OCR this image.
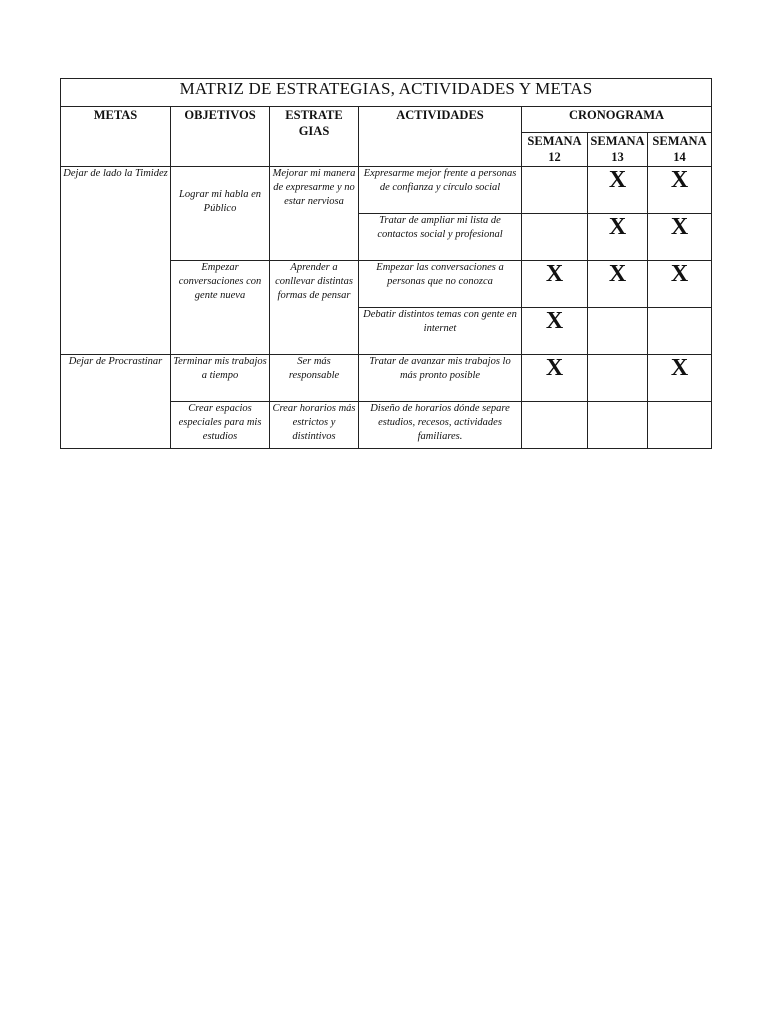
MATRIZ DE ESTRATEGIAS, ACTIVIDADES Y METAS						
METAS	OBJETIVOS	ESTRATEGIAS	ACTIVIDADES	CRONOGRAMA		
				SEMANA 12	SEMANA 13	SEMANA 14
Dejar de lado la Timidez	Lograr mi habla en Público	Mejorar mi manera de expresarme y no estar nerviosa	Expresarme mejor frente a personas de confianza y círculo social		X	X
			Tratar de ampliar mi lista de contactos social y profesional		X	X
	Empezar conversaciones con gente nueva	Aprender a conllevar distintas formas de pensar	Empezar las conversaciones a personas que no conozca	X	X	X
			Debatir distintos temas con gente en internet	X		
Dejar de Procrastinar	Terminar mis trabajos a tiempo	Ser más responsable	Tratar de avanzar mis trabajos lo más pronto posible	X		X
	Crear espacios especiales para mis estudios	Crear horarios más estrictos y distintivos	Diseño de horarios dónde separe estudios, recesos, actividades familiares.			
